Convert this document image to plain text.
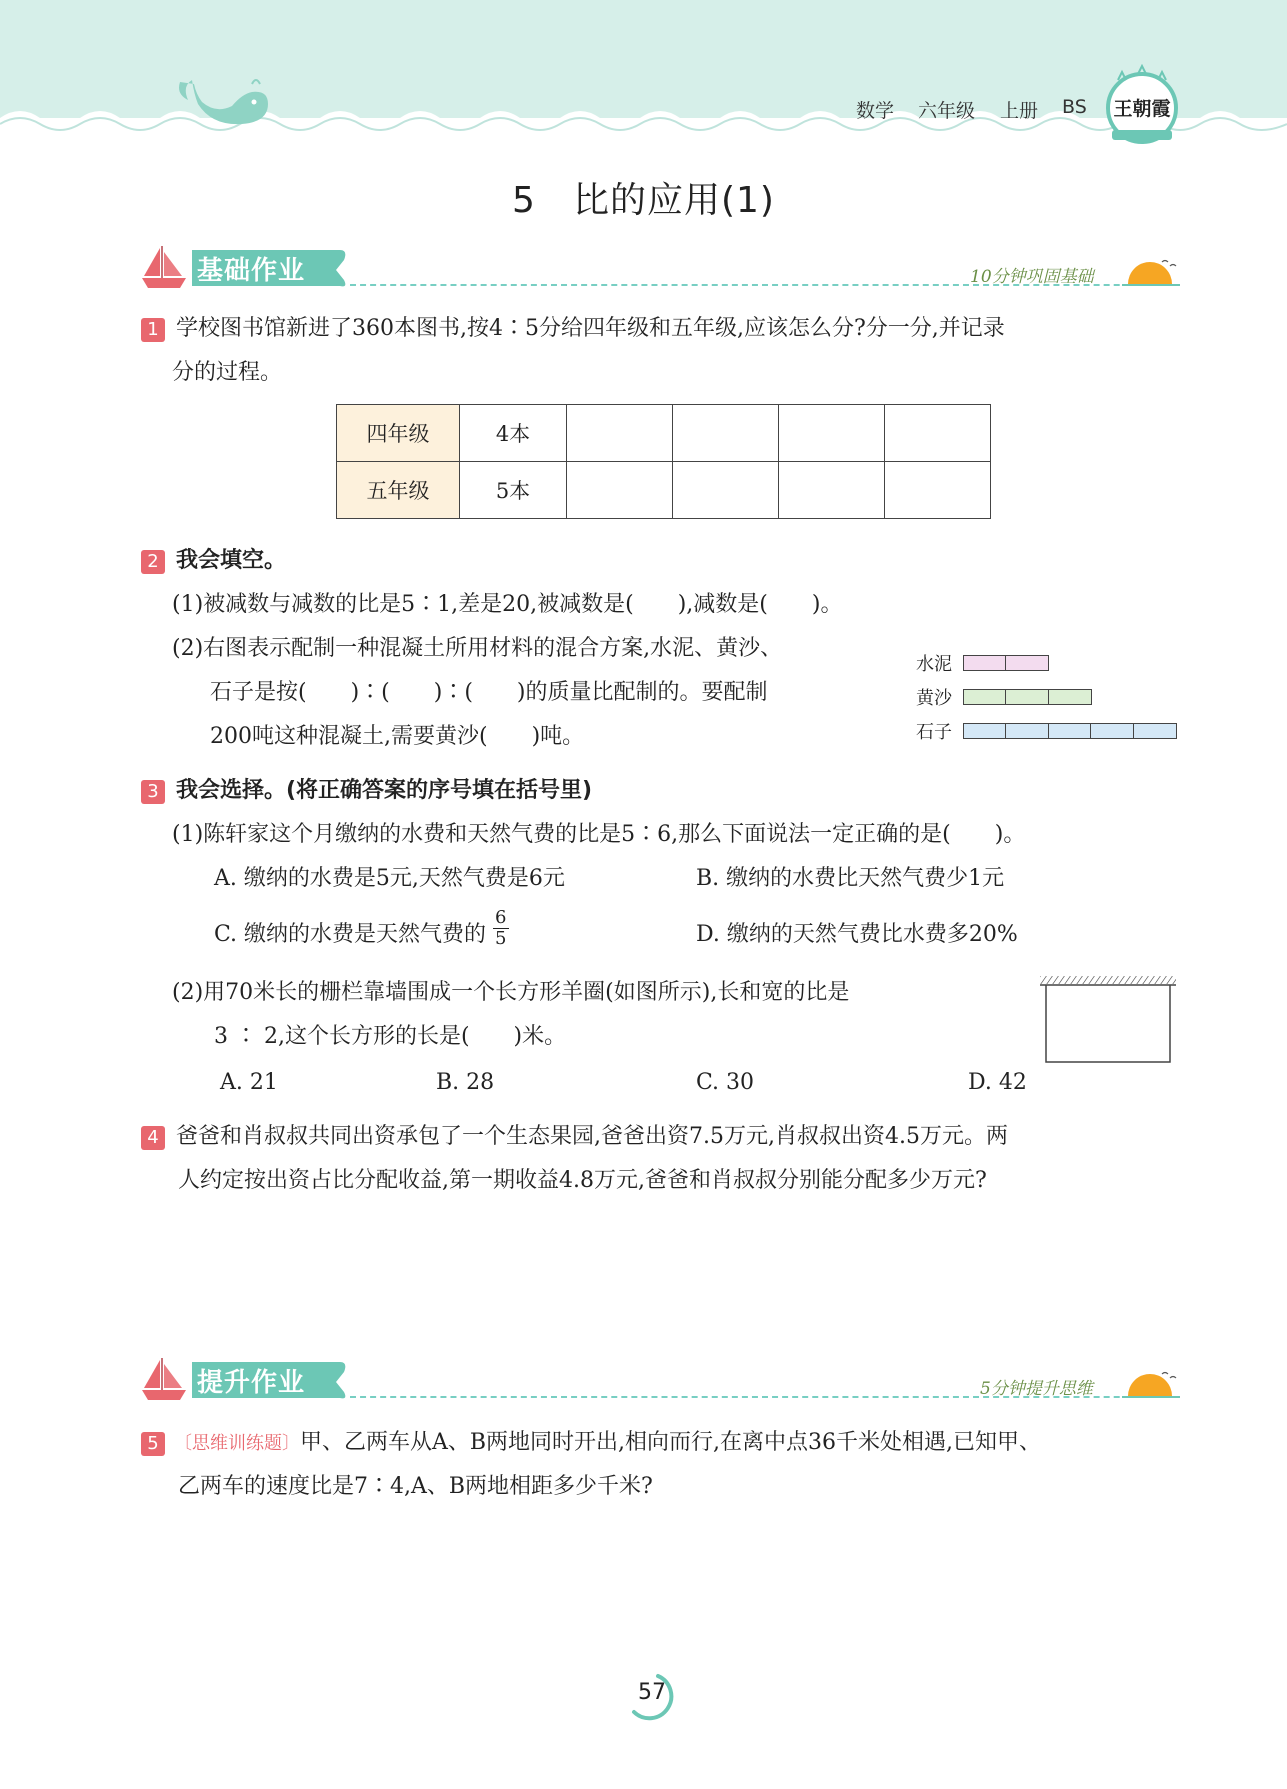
数学 六年级 上册 BS	王朝霞
5　比的应用(1)
基础作业	10分钟巩固基础
1 学校图书馆新进了360本图书,按4∶5分给四年级和五年级,应该怎么分?分一分,并记录
分的过程。
四年级	4本				
五年级	5本				
2 我会填空。
(1)被减数与减数的比是5∶1,差是20,被减数是(　　),减数是(　　)。
(2)右图表示配制一种混凝土所用材料的混合方案,水泥、黄沙、
石子是按(　　)∶(　　)∶(　　)的质量比配制的。要配制
200吨这种混凝土,需要黄沙(　　)吨。
水泥
黄沙
石子
3 我会选择。(将正确答案的序号填在括号里)
(1)陈轩家这个月缴纳的水费和天然气费的比是5∶6,那么下面说法一定正确的是(　　)。
A. 缴纳的水费是5元,天然气费是6元	B. 缴纳的水费比天然气费少1元
C. 缴纳的水费是天然气费的 $\frac{6}{5}$	D. 缴纳的天然气费比水费多20%
(2)用70米长的栅栏靠墙围成一个长方形羊圈(如图所示),长和宽的比是
3 ∶ 2,这个长方形的长是(　　)米。
A. 21	B. 28	C. 30	D. 42
4 爸爸和肖叔叔共同出资承包了一个生态果园,爸爸出资7.5万元,肖叔叔出资4.5万元。两
人约定按出资占比分配收益,第一期收益4.8万元,爸爸和肖叔叔分别能分配多少万元?
提升作业	5分钟提升思维
5 〔思维训练题〕甲、乙两车从A、B两地同时开出,相向而行,在离中点36千米处相遇,已知甲、
乙两车的速度比是7∶4,A、B两地相距多少千米?
57
